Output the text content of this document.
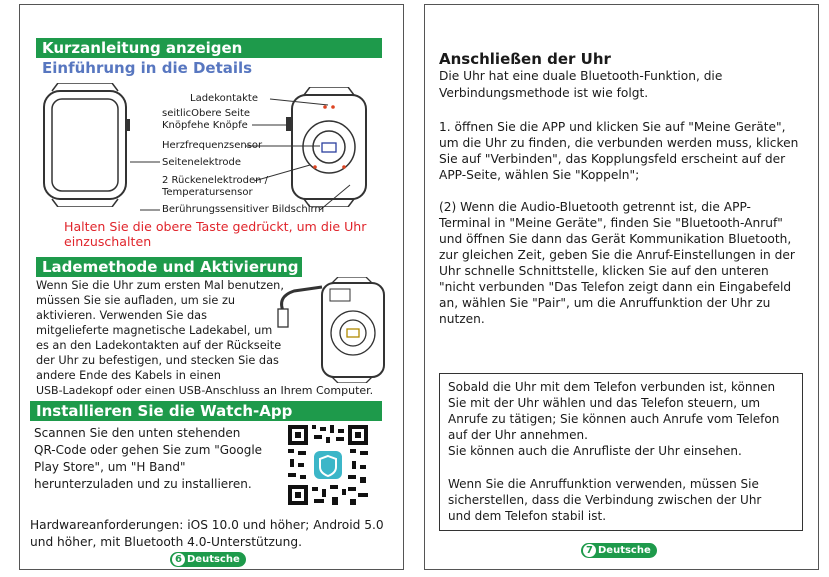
Kurzanleitung anzeigen
Einführung in die Details
Ladekontakte
seitlicObere Seite
Knöpfehe Knöpfe
Herzfrequenzsensor
Seitenelektrode
2 Rückenelektroden /
Temperatursensor
Berührungssensitiver Bildschirm
Halten Sie die obere Taste gedrückt, um die Uhr
einzuschalten
Lademethode und Aktivierung
Wenn Sie die Uhr zum ersten Mal benutzen,
müssen Sie sie aufladen, um sie zu
aktivieren. Verwenden Sie das
mitgelieferte magnetische Ladekabel, um
es an den Ladekontakten auf der Rückseite
der Uhr zu befestigen, und stecken Sie das
andere Ende des Kabels in einen
USB-Ladekopf oder einen USB-Anschluss an Ihrem Computer.
Installieren Sie die Watch-App
Scannen Sie den unten stehenden
QR-Code oder gehen Sie zum "Google
Play Store", um "H Band"
herunterzuladen und zu installieren.
Hardwareanforderungen: iOS 10.0 und höher; Android 5.0
und höher, mit Bluetooth 4.0-Unterstützung.
6 Deutsche
Anschließen der Uhr
Die Uhr hat eine duale Bluetooth-Funktion, die
Verbindungsmethode ist wie folgt.
1. öffnen Sie die APP und klicken Sie auf "Meine Geräte",
um die Uhr zu finden, die verbunden werden muss, klicken
Sie auf "Verbinden", das Kopplungsfeld erscheint auf der
APP-Seite, wählen Sie "Koppeln";
(2) Wenn die Audio-Bluetooth getrennt ist, die APP-
Terminal in "Meine Geräte", finden Sie "Bluetooth-Anruf"
und öffnen Sie dann das Gerät Kommunikation Bluetooth,
zur gleichen Zeit, geben Sie die Anruf-Einstellungen in der
Uhr schnelle Schnittstelle, klicken Sie auf den unteren
"nicht verbunden "Das Telefon zeigt dann ein Eingabefeld
an, wählen Sie "Pair", um die Anruffunktion der Uhr zu
nutzen.
Sobald die Uhr mit dem Telefon verbunden ist, können
Sie mit der Uhr wählen und das Telefon steuern, um
Anrufe zu tätigen; Sie können auch Anrufe vom Telefon
auf der Uhr annehmen.
Sie können auch die Anrufliste der Uhr einsehen.
Wenn Sie die Anruffunktion verwenden, müssen Sie
sicherstellen, dass die Verbindung zwischen der Uhr
und dem Telefon stabil ist.
7 Deutsche
